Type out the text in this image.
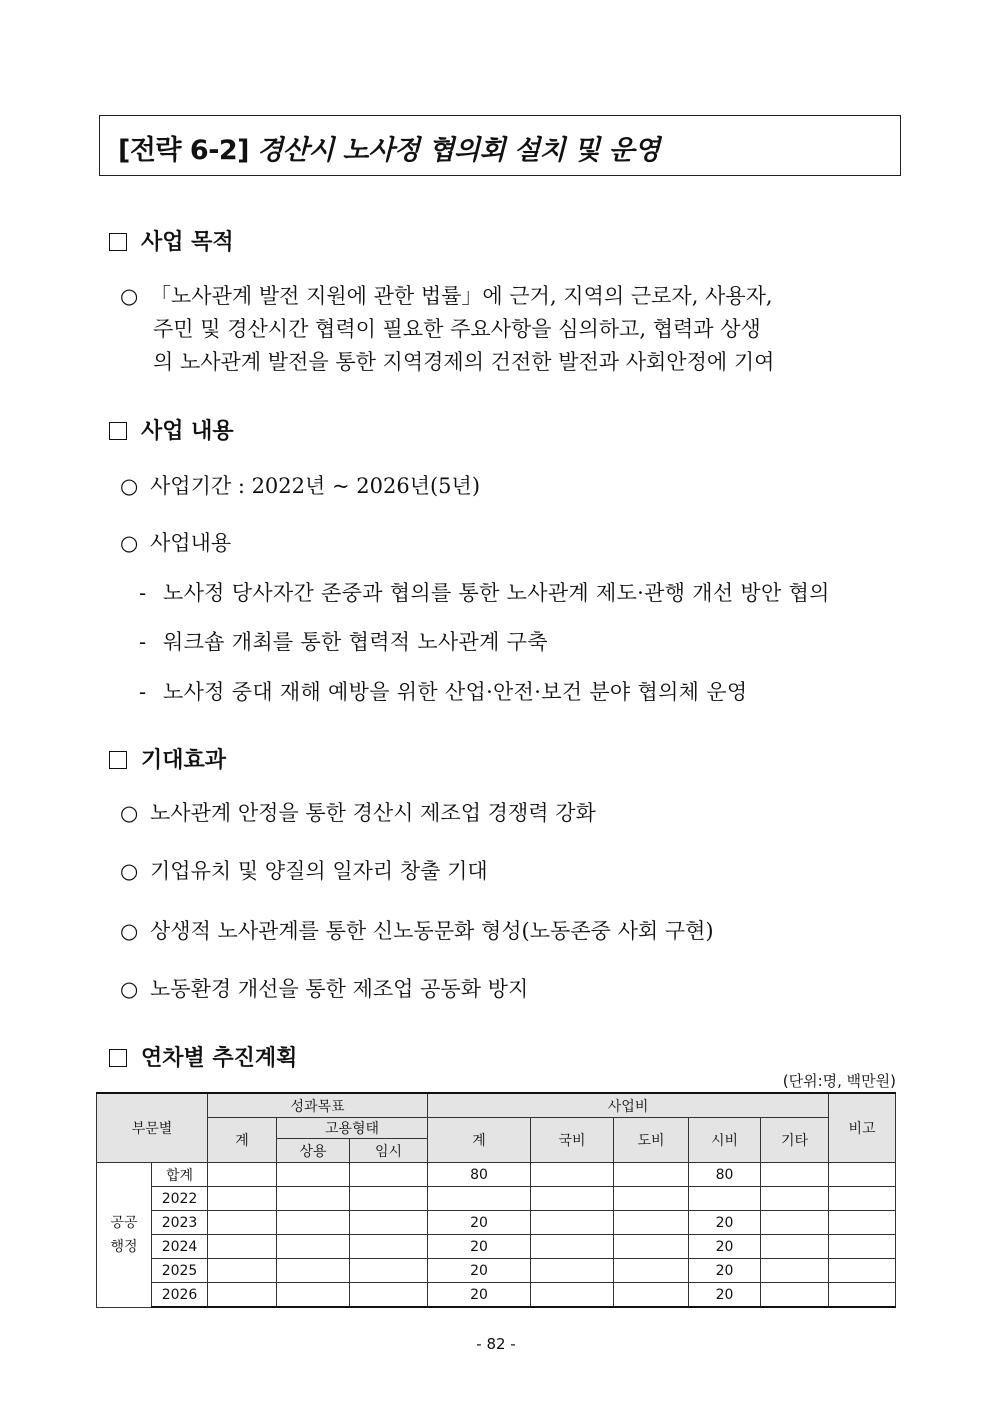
[전략 6-2] 경산시 노사정 협의회 설치 및 운영
사업 목적
○ 「노사관계 발전 지원에 관한 법률」에 근거, 지역의 근로자, 사용자,
주민 및 경산시간 협력이 필요한 주요사항을 심의하고, 협력과 상생
의 노사관계 발전을 통한 지역경제의 건전한 발전과 사회안정에 기여
사업 내용
○ 사업기간 : 2022년 ~ 2026년(5년)
○ 사업내용
- 노사정 당사자간 존중과 협의를 통한 노사관계 제도·관행 개선 방안 협의
- 워크숍 개최를 통한 협력적 노사관계 구축
- 노사정 중대 재해 예방을 위한 산업·안전·보건 분야 협의체 운영
기대효과
○ 노사관계 안정을 통한 경산시 제조업 경쟁력 강화
○ 기업유치 및 양질의 일자리 창출 기대
○ 상생적 노사관계를 통한 신노동문화 형성(노동존중 사회 구현)
○ 노동환경 개선을 통한 제조업 공동화 방지
연차별 추진계획
(단위:명, 백만원)
부문별		성과목표			사업비					비고
		계	고용형태		계	국비	도비	시비	기타	
			상용	임시						

공공
행정	합계				80			80		
	2022									
	2023				20			20		
	2024				20			20		
	2025				20			20		
	2026				20			20		
- 82 -
